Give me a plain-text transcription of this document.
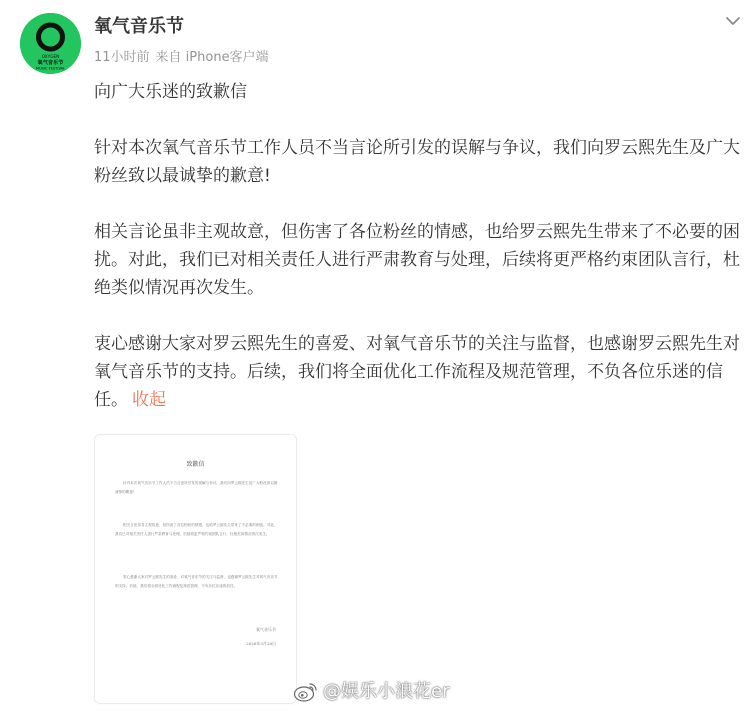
OXYGEN
氧气音乐节
MUSIC FESTIVAL
氧气音乐节
11小时前 来自 iPhone客户端

向广大乐迷的致歉信

针对本次氧气音乐节工作人员不当言论所引发的误解与争议，我们向罗云熙先生及广大粉丝致以最诚挚的歉意!

相关言论虽非主观故意，但伤害了各位粉丝的情感，也给罗云熙先生带来了不必要的困扰。对此，我们已对相关责任人进行严肃教育与处理，后续将更严格约束团队言行，杜绝类似情况再次发生。

衷心感谢大家对罗云熙先生的喜爱、对氧气音乐节的关注与监督，也感谢罗云熙先生对氧气音乐节的支持。后续，我们将全面优化工作流程及规范管理，不负各位乐迷的信任。 收起

致歉信
针对本次氧气音乐节工作人员不当言论所引发的误解与争议，我们向罗云熙先生及广大粉丝致以最诚挚的歉意!
相关言论虽非主观故意，但伤害了各位粉丝的情感，也给罗云熙先生带来了不必要的困扰。对此，我们已对相关责任人进行严肃教育与处理，后续将更严格约束团队言行，杜绝类似情况再次发生。
衷心感谢大家对罗云熙先生的喜爱、对氧气音乐节的关注与监督，也感谢罗云熙先生对氧气音乐节的支持。后续，我们将全面优化工作流程及规范管理，不负各位乐迷的信任。
氧气音乐节
2026年3月28日
@娱乐小浪花er
